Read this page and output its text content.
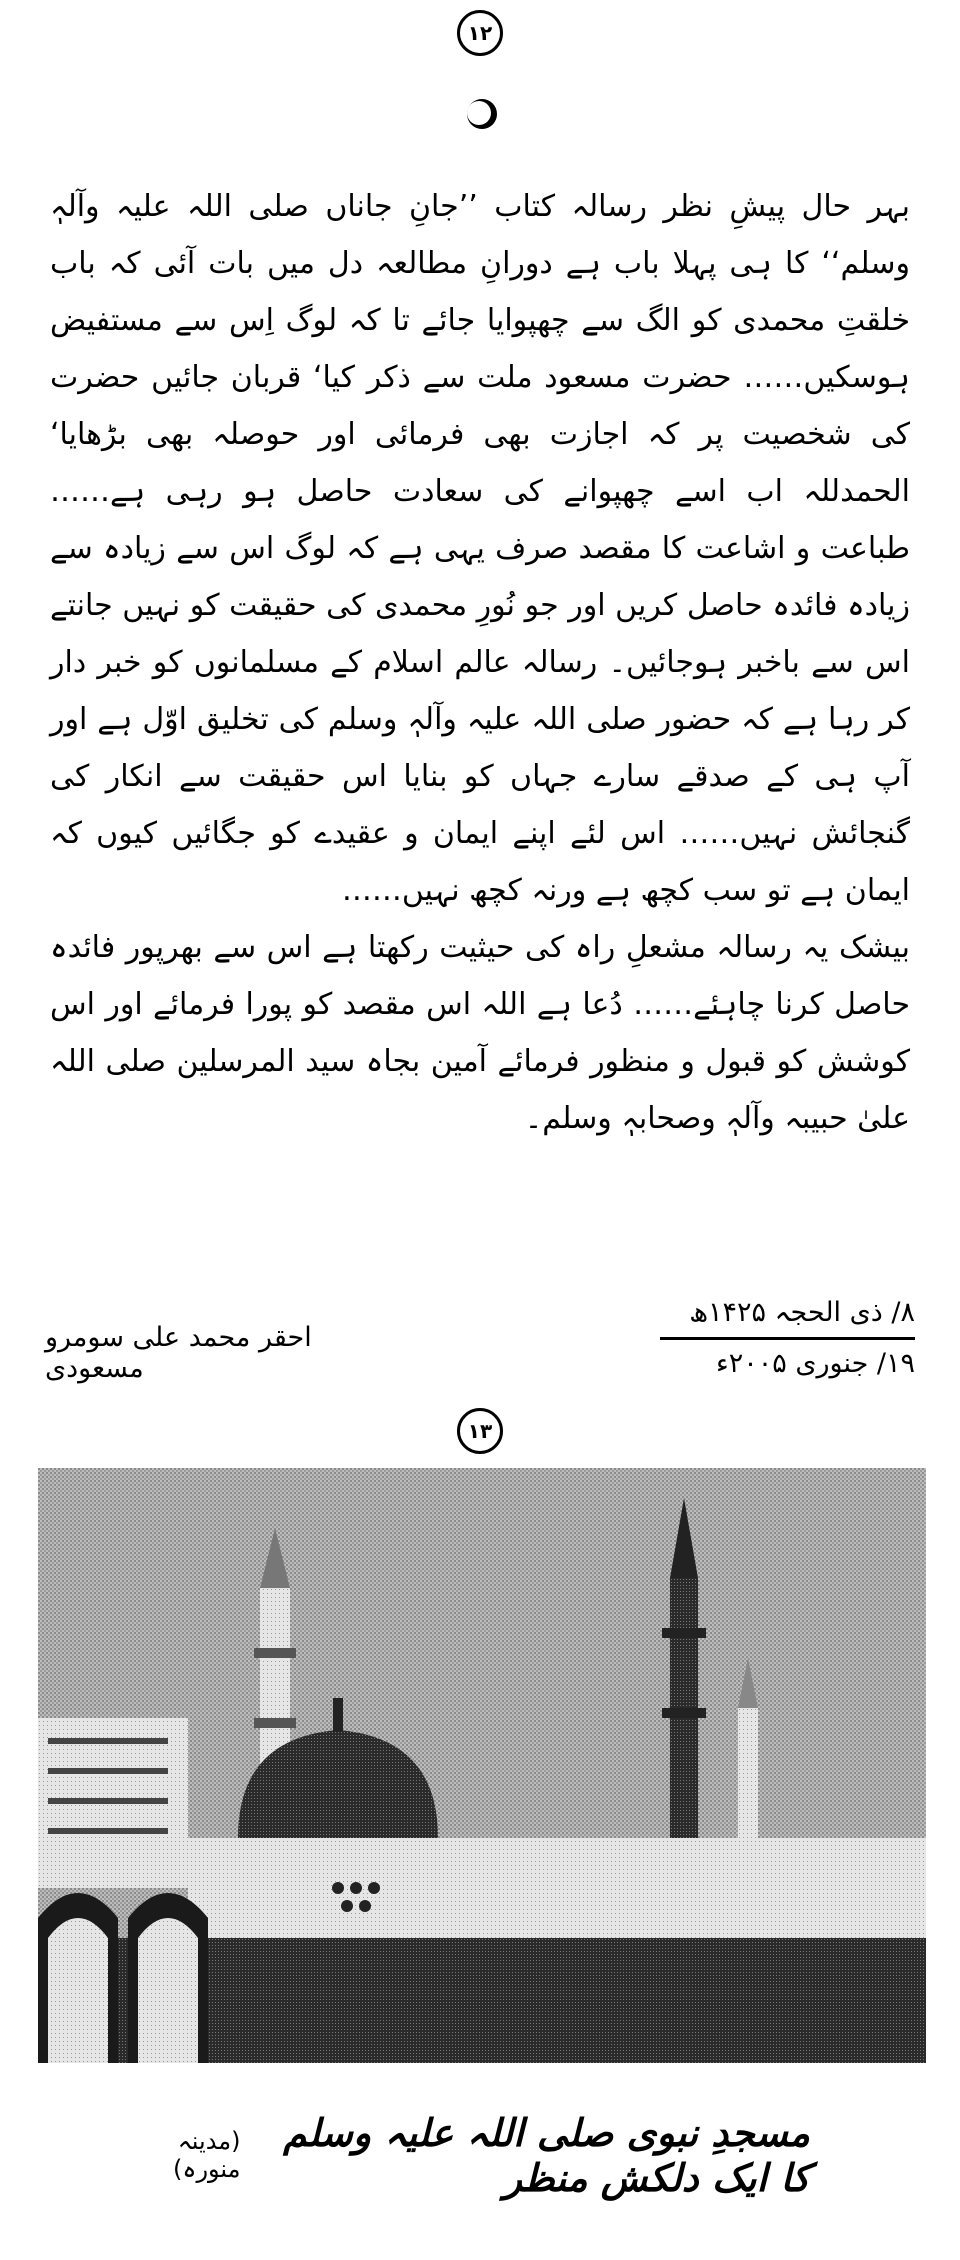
۱۲

بہر حال پیشِ نظر رسالہ کتاب ’’جانِ جاناں صلی اللہ علیہ وآلہٖ وسلم‘‘ کا ہی پہلا باب ہے دورانِ مطالعہ دل میں بات آئی کہ باب خلقتِ محمدی کو الگ سے چھپوایا جائے تا کہ لوگ اِس سے مستفیض ہوسکیں…… حضرت مسعود ملت سے ذکر کیا‘ قربان جائیں حضرت کی شخصیت پر کہ اجازت بھی فرمائی اور حوصلہ بھی بڑھایا‘ الحمدللہ اب اسے چھپوانے کی سعادت حاصل ہو رہی ہے…… طباعت و اشاعت کا مقصد صرف یہی ہے کہ لوگ اس سے زیادہ سے زیادہ فائدہ حاصل کریں اور جو نُورِ محمدی کی حقیقت کو نہیں جانتے اس سے باخبر ہوجائیں۔ رسالہ عالم اسلام کے مسلمانوں کو خبر دار کر رہا ہے کہ حضور صلی اللہ علیہ وآلہٖ وسلم کی تخلیق اوّل ہے اور آپ ہی کے صدقے سارے جہاں کو بنایا اس حقیقت سے انکار کی گنجائش نہیں…… اس لئے اپنے ایمان و عقیدے کو جگائیں کیوں کہ ایمان ہے تو سب کچھ ہے ورنہ کچھ نہیں……

بیشک یہ رسالہ مشعلِ راہ کی حیثیت رکھتا ہے اس سے بھرپور فائدہ حاصل کرنا چاہئے…… دُعا ہے اللہ اس مقصد کو پورا فرمائے اور اس کوشش کو قبول و منظور فرمائے آمین بجاہ سید المرسلین صلی اللہ علیٰ حبیبہ وآلہٖ وصحابہٖ وسلم۔

۸/ ذی الحجہ ۱۴۲۵ھ
۱۹/ جنوری ۲۰۰۵ء
احقر محمد علی سومرو مسعودی
۱۳
مسجدِ نبوی صلی اللہ علیہ وسلم کا ایک دلکش منظر
(مدینہ منورہ)
